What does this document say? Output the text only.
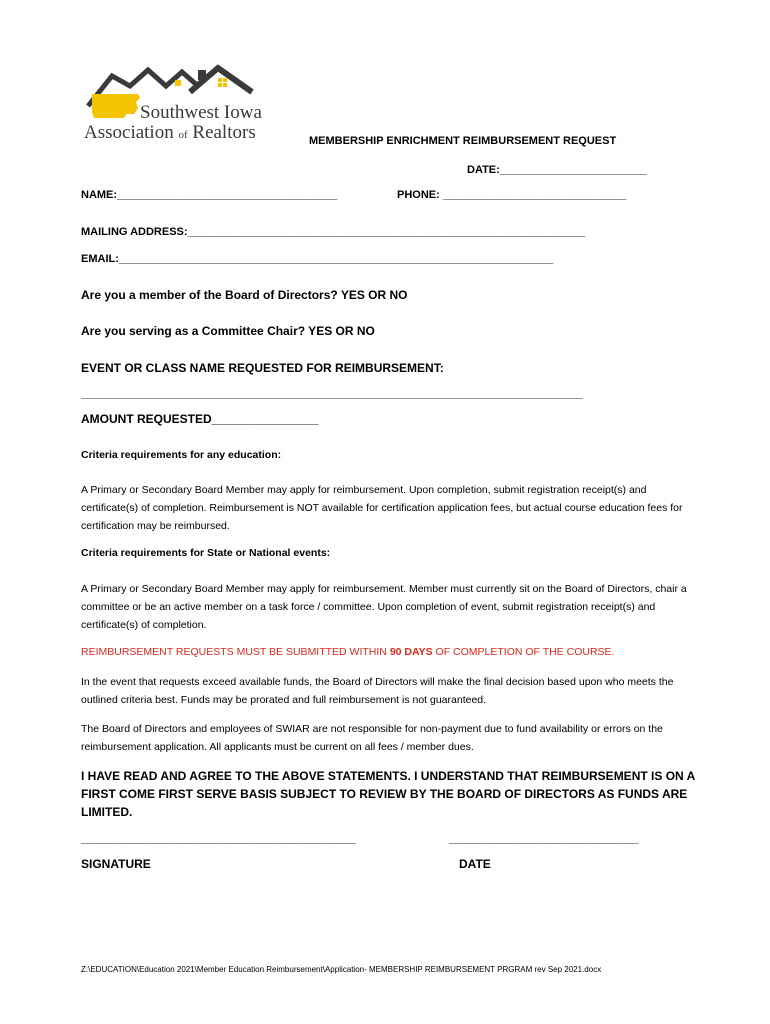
Southwest Iowa
Association of Realtors	MEMBERSHIP ENRICHMENT REIMBURSEMENT REQUEST
DATE:________________________
NAME:____________________________________	PHONE: ______________________________
MAILING ADDRESS:_________________________________________________________________
EMAIL:_______________________________________________________________________
Are you a member of the Board of Directors? YES OR NO
Are you serving as a Committee Chair? YES OR NO
EVENT OR CLASS NAME REQUESTED FOR REIMBURSEMENT:
__________________________________________________________________________________
AMOUNT REQUESTED________________
Criteria requirements for any education:
A Primary or Secondary Board Member may apply for reimbursement. Upon completion, submit registration receipt(s) and certificate(s) of completion. Reimbursement is NOT available for certification application fees, but actual course education fees for certification may be reimbursed.
Criteria requirements for State or National events:
A Primary or Secondary Board Member may apply for reimbursement. Member must currently sit on the Board of Directors, chair a committee or be an active member on a task force / committee. Upon completion of event, submit registration receipt(s) and certificate(s) of completion.
REIMBURSEMENT REQUESTS MUST BE SUBMITTED WITHIN 90 DAYS OF COMPLETION OF THE COURSE.
In the event that requests exceed available funds, the Board of Directors will make the final decision based upon who meets the outlined criteria best. Funds may be prorated and full reimbursement is not guaranteed.
The Board of Directors and employees of SWIAR are not responsible for non-payment due to fund availability or errors on the reimbursement application. All applicants must be current on all fees / member dues.
I HAVE READ AND AGREE TO THE ABOVE STATEMENTS. I UNDERSTAND THAT REIMBURSEMENT IS ON A FIRST COME FIRST SERVE BASIS SUBJECT TO REVIEW BY THE BOARD OF DIRECTORS AS FUNDS ARE LIMITED.
_____________________________________________	_______________________________
SIGNATURE	DATE
Z:\EDUCATION\Education 2021\Member Education Reimbursement\Application- MEMBERSHIP REIMBURSEMENT PRGRAM rev Sep 2021.docx
